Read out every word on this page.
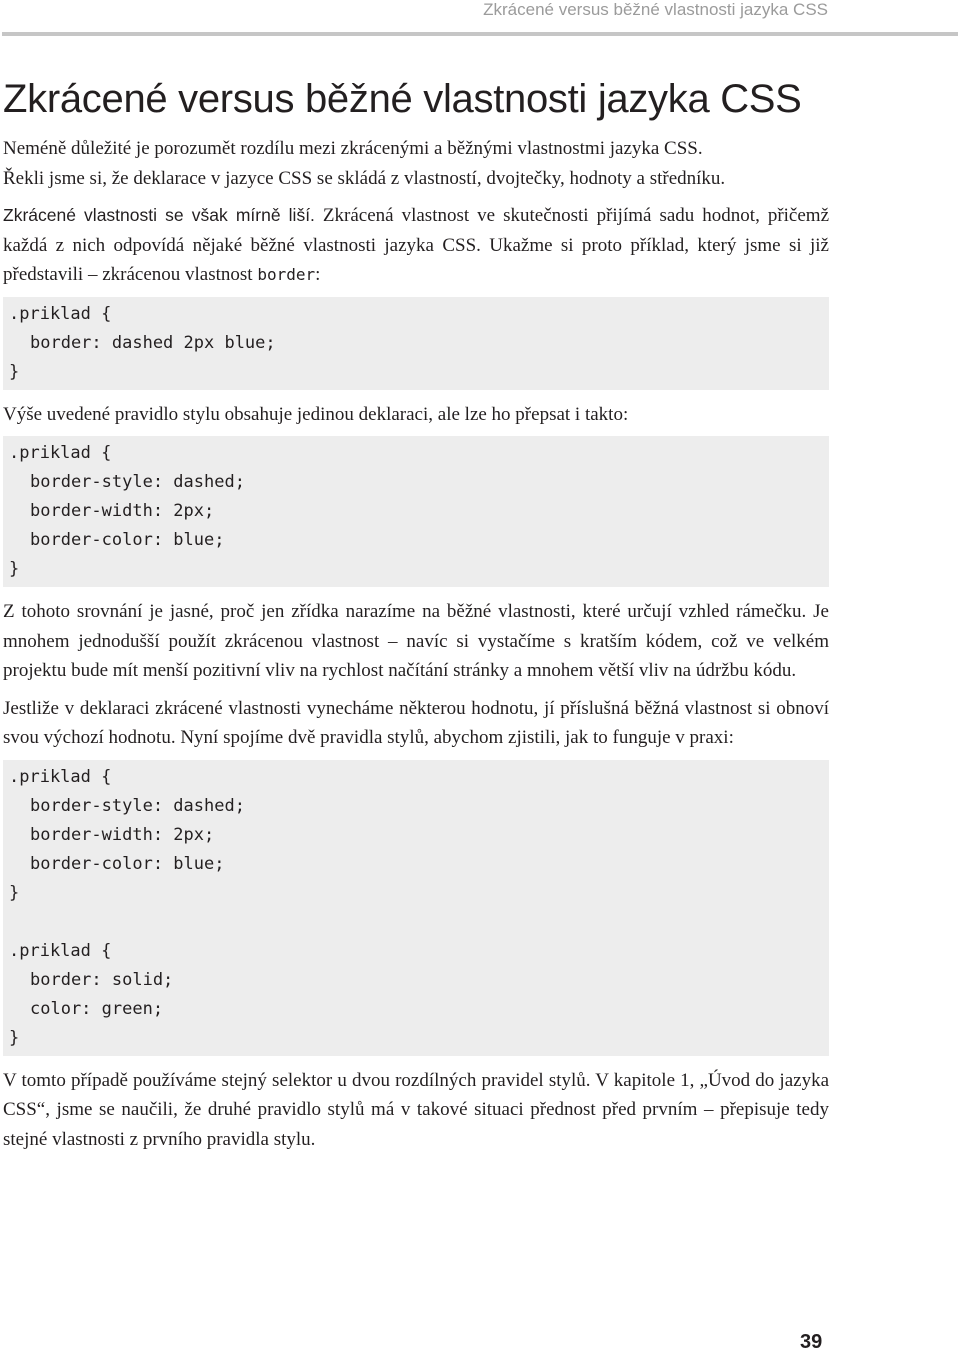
Zkrácené versus běžné vlastnosti jazyka CSS
Zkrácené versus běžné vlastnosti jazyka CSS

Neméně důležité je porozumět rozdílu mezi zkrácenými a běžnými vlastnostmi jazyka CSS.
Řekli jsme si, že deklarace v jazyce CSS se skládá z vlastností, dvojtečky, hodnoty a středníku.

Zkrácené vlastnosti se však mírně liší. Zkrácená vlastnost ve skutečnosti přijímá sadu hodnot, přičemž každá z nich odpovídá nějaké běžné vlastnosti jazyka CSS. Ukažme si proto příklad, který jsme si již představili – zkrácenou vlastnost border:

.priklad {
border: dashed 2px blue;
}

Výše uvedené pravidlo stylu obsahuje jedinou deklaraci, ale lze ho přepsat i takto:

.priklad {
border-style: dashed;
border-width: 2px;
border-color: blue;
}

Z tohoto srovnání je jasné, proč jen zřídka narazíme na běžné vlastnosti, které určují vzhled rámečku. Je mnohem jednodušší použít zkrácenou vlastnost – navíc si vystačíme s kratším kódem, což ve velkém projektu bude mít menší pozitivní vliv na rychlost načítání stránky a mnohem větší vliv na údržbu kódu.

Jestliže v deklaraci zkrácené vlastnosti vynecháme některou hodnotu, jí příslušná běžná vlastnost si obnoví svou výchozí hodnotu. Nyní spojíme dvě pravidla stylů, abychom zjistili, jak to funguje v praxi:

.priklad {
border-style: dashed;
border-width: 2px;
border-color: blue;
}

.priklad {
border: solid;
color: green;
}

V tomto případě používáme stejný selektor u dvou rozdílných pravidel stylů. V kapitole 1, „Úvod do jazyka CSS“, jsme se naučili, že druhé pravidlo stylů má v takové situaci přednost před prvním – přepisuje tedy stejné vlastnosti z prvního pravidla stylu.

39
